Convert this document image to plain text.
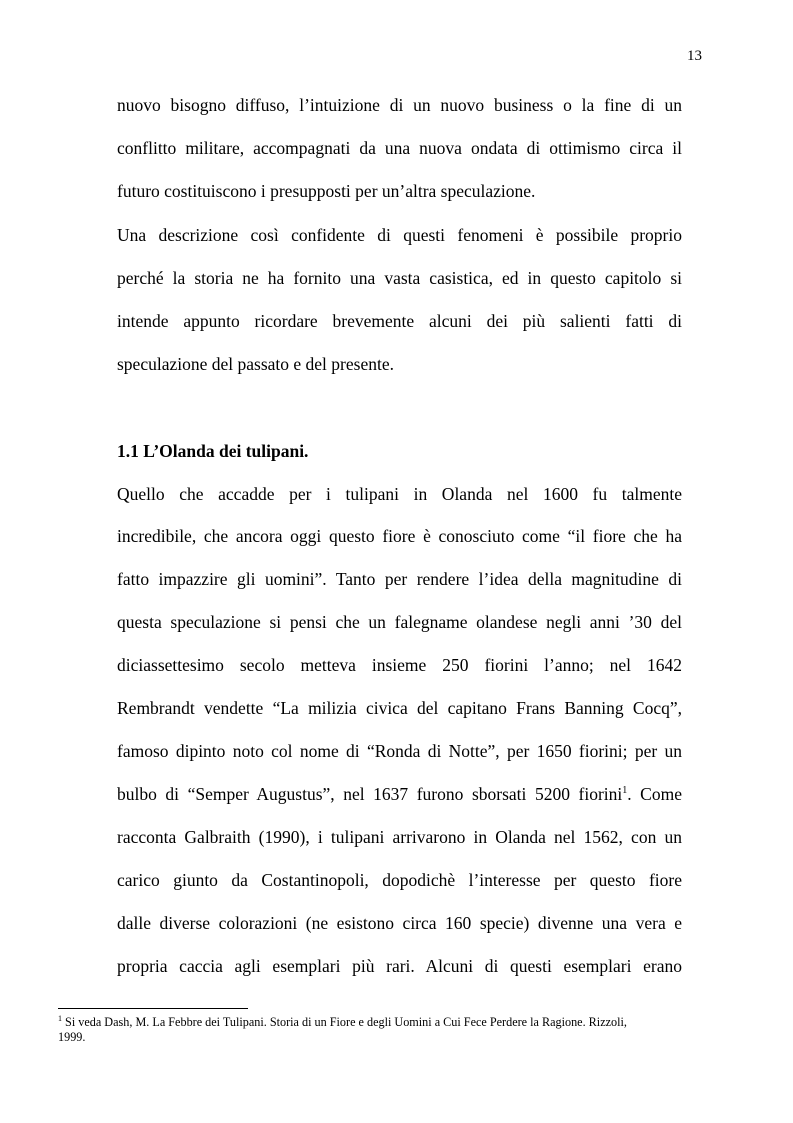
13
nuovo bisogno diffuso, l’intuizione di un nuovo business o la fine di un
conflitto militare, accompagnati da una nuova ondata di ottimismo circa il
futuro costituiscono i presupposti per un’altra speculazione.
Una descrizione così confidente di questi fenomeni è possibile proprio
perché la storia ne ha fornito una vasta casistica, ed in questo capitolo si
intende appunto ricordare brevemente alcuni dei più salienti fatti di
speculazione del passato e del presente.
1.1 L’Olanda dei tulipani.
Quello che accadde per i tulipani in Olanda nel 1600 fu talmente
incredibile, che ancora oggi questo fiore è conosciuto come “il fiore che ha
fatto impazzire gli uomini”. Tanto per rendere l’idea della magnitudine di
questa speculazione si pensi che un falegname olandese negli anni ’30 del
diciassettesimo secolo metteva insieme 250 fiorini l’anno; nel 1642
Rembrandt vendette “La milizia civica del capitano Frans Banning Cocq”,
famoso dipinto noto col nome di “Ronda di Notte”, per 1650 fiorini; per un
bulbo di “Semper Augustus”, nel 1637 furono sborsati 5200 fiorini$^1$. Come
racconta Galbraith (1990), i tulipani arrivarono in Olanda nel 1562, con un
carico giunto da Costantinopoli, dopodichè l’interesse per questo fiore
dalle diverse colorazioni (ne esistono circa 160 specie) divenne una vera e
propria caccia agli esemplari più rari. Alcuni di questi esemplari erano
$^1$ Si veda Dash, M. La Febbre dei Tulipani. Storia di un Fiore e degli Uomini a Cui Fece Perdere la Ragione. Rizzoli,
1999.
